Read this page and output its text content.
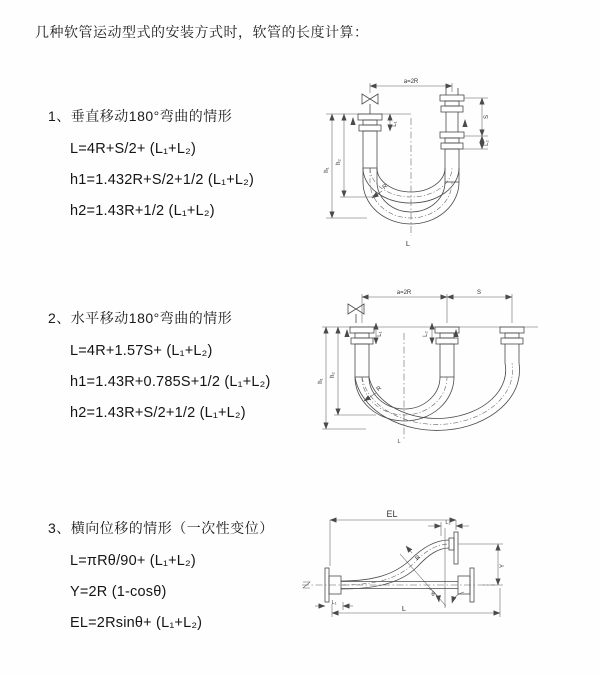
几种软管运动型式的安装方式时，软管的长度计算：
1、垂直移动180°弯曲的情形

L=4R+S/2+ (L₁+L₂)

h1=1.432R+S/2+1/2 (L₁+L₂)

h2=1.43R+1/2 (L₁+L₂)

2、水平移动180°弯曲的情形

L=4R+1.57S+ (L₁+L₂)

h1=1.43R+0.785S+1/2 (L₁+L₂)

h2=1.43R+S/2+1/2 (L₁+L₂)

3、横向位移的情形（一次性变位）

L=πRθ/90+ (L₁+L₂)

Y=2R (1-cosθ)

EL=2Rsinθ+ (L₁+L₂)

a=2R
L₁
S
L₂
h₁
h₂
R
L
a=2R	S
L₁	L₂
h₁
h₂
R
L
θ
EL
L₂
R
Y
L
L₁
